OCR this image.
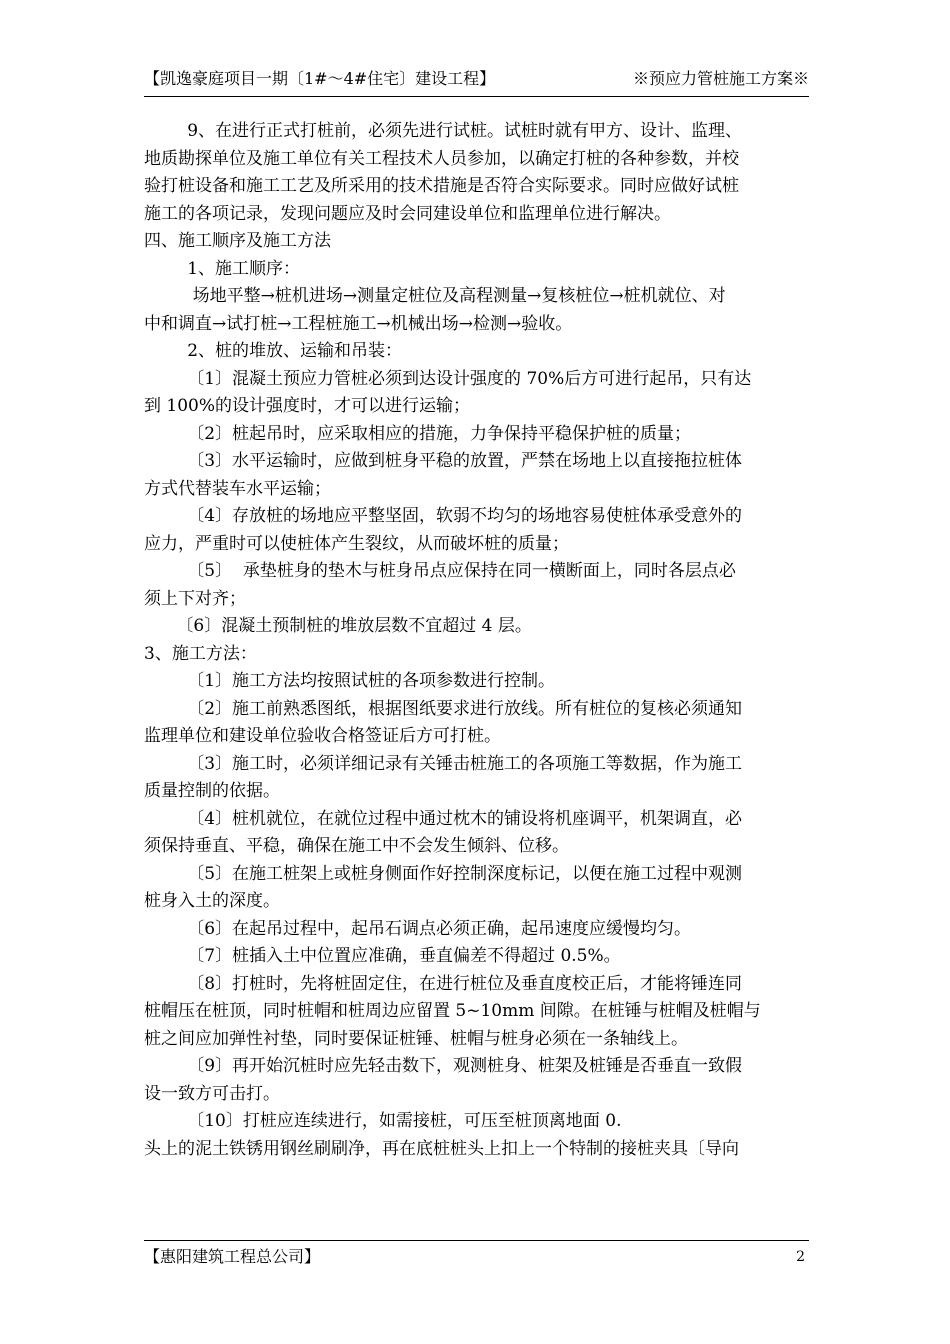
【凯逸豪庭项目一期〔1#～4#住宅〕建设工程】	※预应力管桩施工方案※
9、在进行正式打桩前，必须先进行试桩。试桩时就有甲方、设计、监理、
地质勘探单位及施工单位有关工程技术人员参加，以确定打桩的各种参数，并校
验打桩设备和施工工艺及所采用的技术措施是否符合实际要求。同时应做好试桩
施工的各项记录，发现问题应及时会同建设单位和监理单位进行解决。
四、施工顺序及施工方法
1、施工顺序：
场地平整→桩机进场→测量定桩位及高程测量→复核桩位→桩机就位、对
中和调直→试打桩→工程桩施工→机械出场→检测→验收。
2、桩的堆放、运输和吊装：
〔1〕混凝土预应力管桩必须到达设计强度的 70%后方可进行起吊，只有达
到 100%的设计强度时，才可以进行运输；
〔2〕桩起吊时，应采取相应的措施，力争保持平稳保护桩的质量；
〔3〕水平运输时，应做到桩身平稳的放置，严禁在场地上以直接拖拉桩体
方式代替装车水平运输；
〔4〕存放桩的场地应平整坚固，软弱不均匀的场地容易使桩体承受意外的
应力，严重时可以使桩体产生裂纹，从而破坏桩的质量；
〔5〕  承垫桩身的垫木与桩身吊点应保持在同一横断面上，同时各层点必
须上下对齐；
〔6〕混凝土预制桩的堆放层数不宜超过 4 层。
3、施工方法：
〔1〕施工方法均按照试桩的各项参数进行控制。
〔2〕施工前熟悉图纸，根据图纸要求进行放线。所有桩位的复核必须通知
监理单位和建设单位验收合格签证后方可打桩。
〔3〕施工时，必须详细记录有关锤击桩施工的各项施工等数据，作为施工
质量控制的依据。
〔4〕桩机就位，在就位过程中通过枕木的铺设将机座调平，机架调直，必
须保持垂直、平稳，确保在施工中不会发生倾斜、位移。
〔5〕在施工桩架上或桩身侧面作好控制深度标记，以便在施工过程中观测
桩身入土的深度。
〔6〕在起吊过程中，起吊石调点必须正确，起吊速度应缓慢均匀。
〔7〕桩插入土中位置应准确，垂直偏差不得超过 0.5%。
〔8〕打桩时，先将桩固定住，在进行桩位及垂直度校正后，才能将锤连同
桩帽压在桩顶，同时桩帽和桩周边应留置 5~10mm 间隙。在桩锤与桩帽及桩帽与
桩之间应加弹性衬垫，同时要保证桩锤、桩帽与桩身必须在一条轴线上。
〔9〕再开始沉桩时应先轻击数下，观测桩身、桩架及桩锤是否垂直一致假
设一致方可击打。
〔10〕打桩应连续进行，如需接桩，可压至桩顶离地面 0.
头上的泥土铁锈用钢丝刷刷净，再在底桩桩头上扣上一个特制的接桩夹具〔导向
【惠阳建筑工程总公司】	2
